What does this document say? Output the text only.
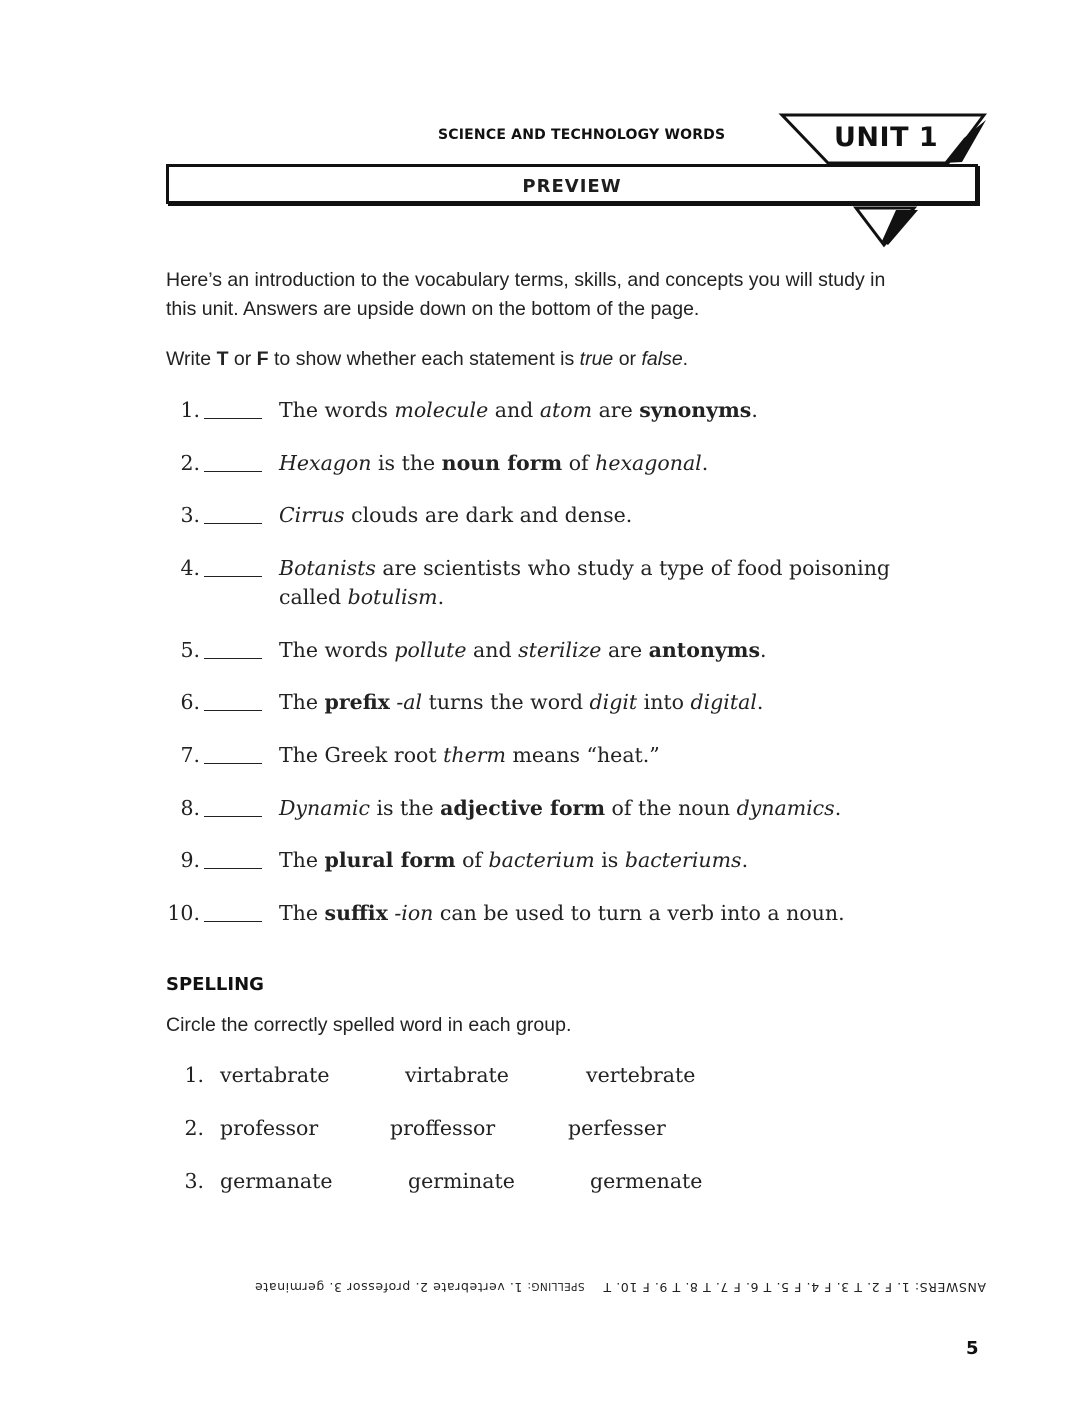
SCIENCE AND TECHNOLOGY WORDS	UNIT 1
PREVIEW
Here’s an introduction to the vocabulary terms, skills, and concepts you will study in
this unit. Answers are upside down on the bottom of the page.
Write T or F to show whether each statement is true or false.
1.	The words molecule and atom are synonyms.
2.	Hexagon is the noun form of hexagonal.
3.	Cirrus clouds are dark and dense.
4.	Botanists are scientists who study a type of food poisoning called botulism.
5.	The words pollute and sterilize are antonyms.
6.	The prefix -al turns the word digit into digital.
7.	The Greek root therm means “heat.”
8.	Dynamic is the adjective form of the noun dynamics.
9.	The plural form of bacterium is bacteriums.
10.	The suffix -ion can be used to turn a verb into a noun.
SPELLING
Circle the correctly spelled word in each group.
1. vertabrate	virtabrate	vertebrate
2. professor	proffessor	perfesser
3. germanate	germinate	germenate
ANSWERS: 1. F 2. T 3. F 4. F 5. T 6. F 7. T 8. T 9. F 10. T    SPELLING: 1. vertebrate 2. professor 3. germinate
5
